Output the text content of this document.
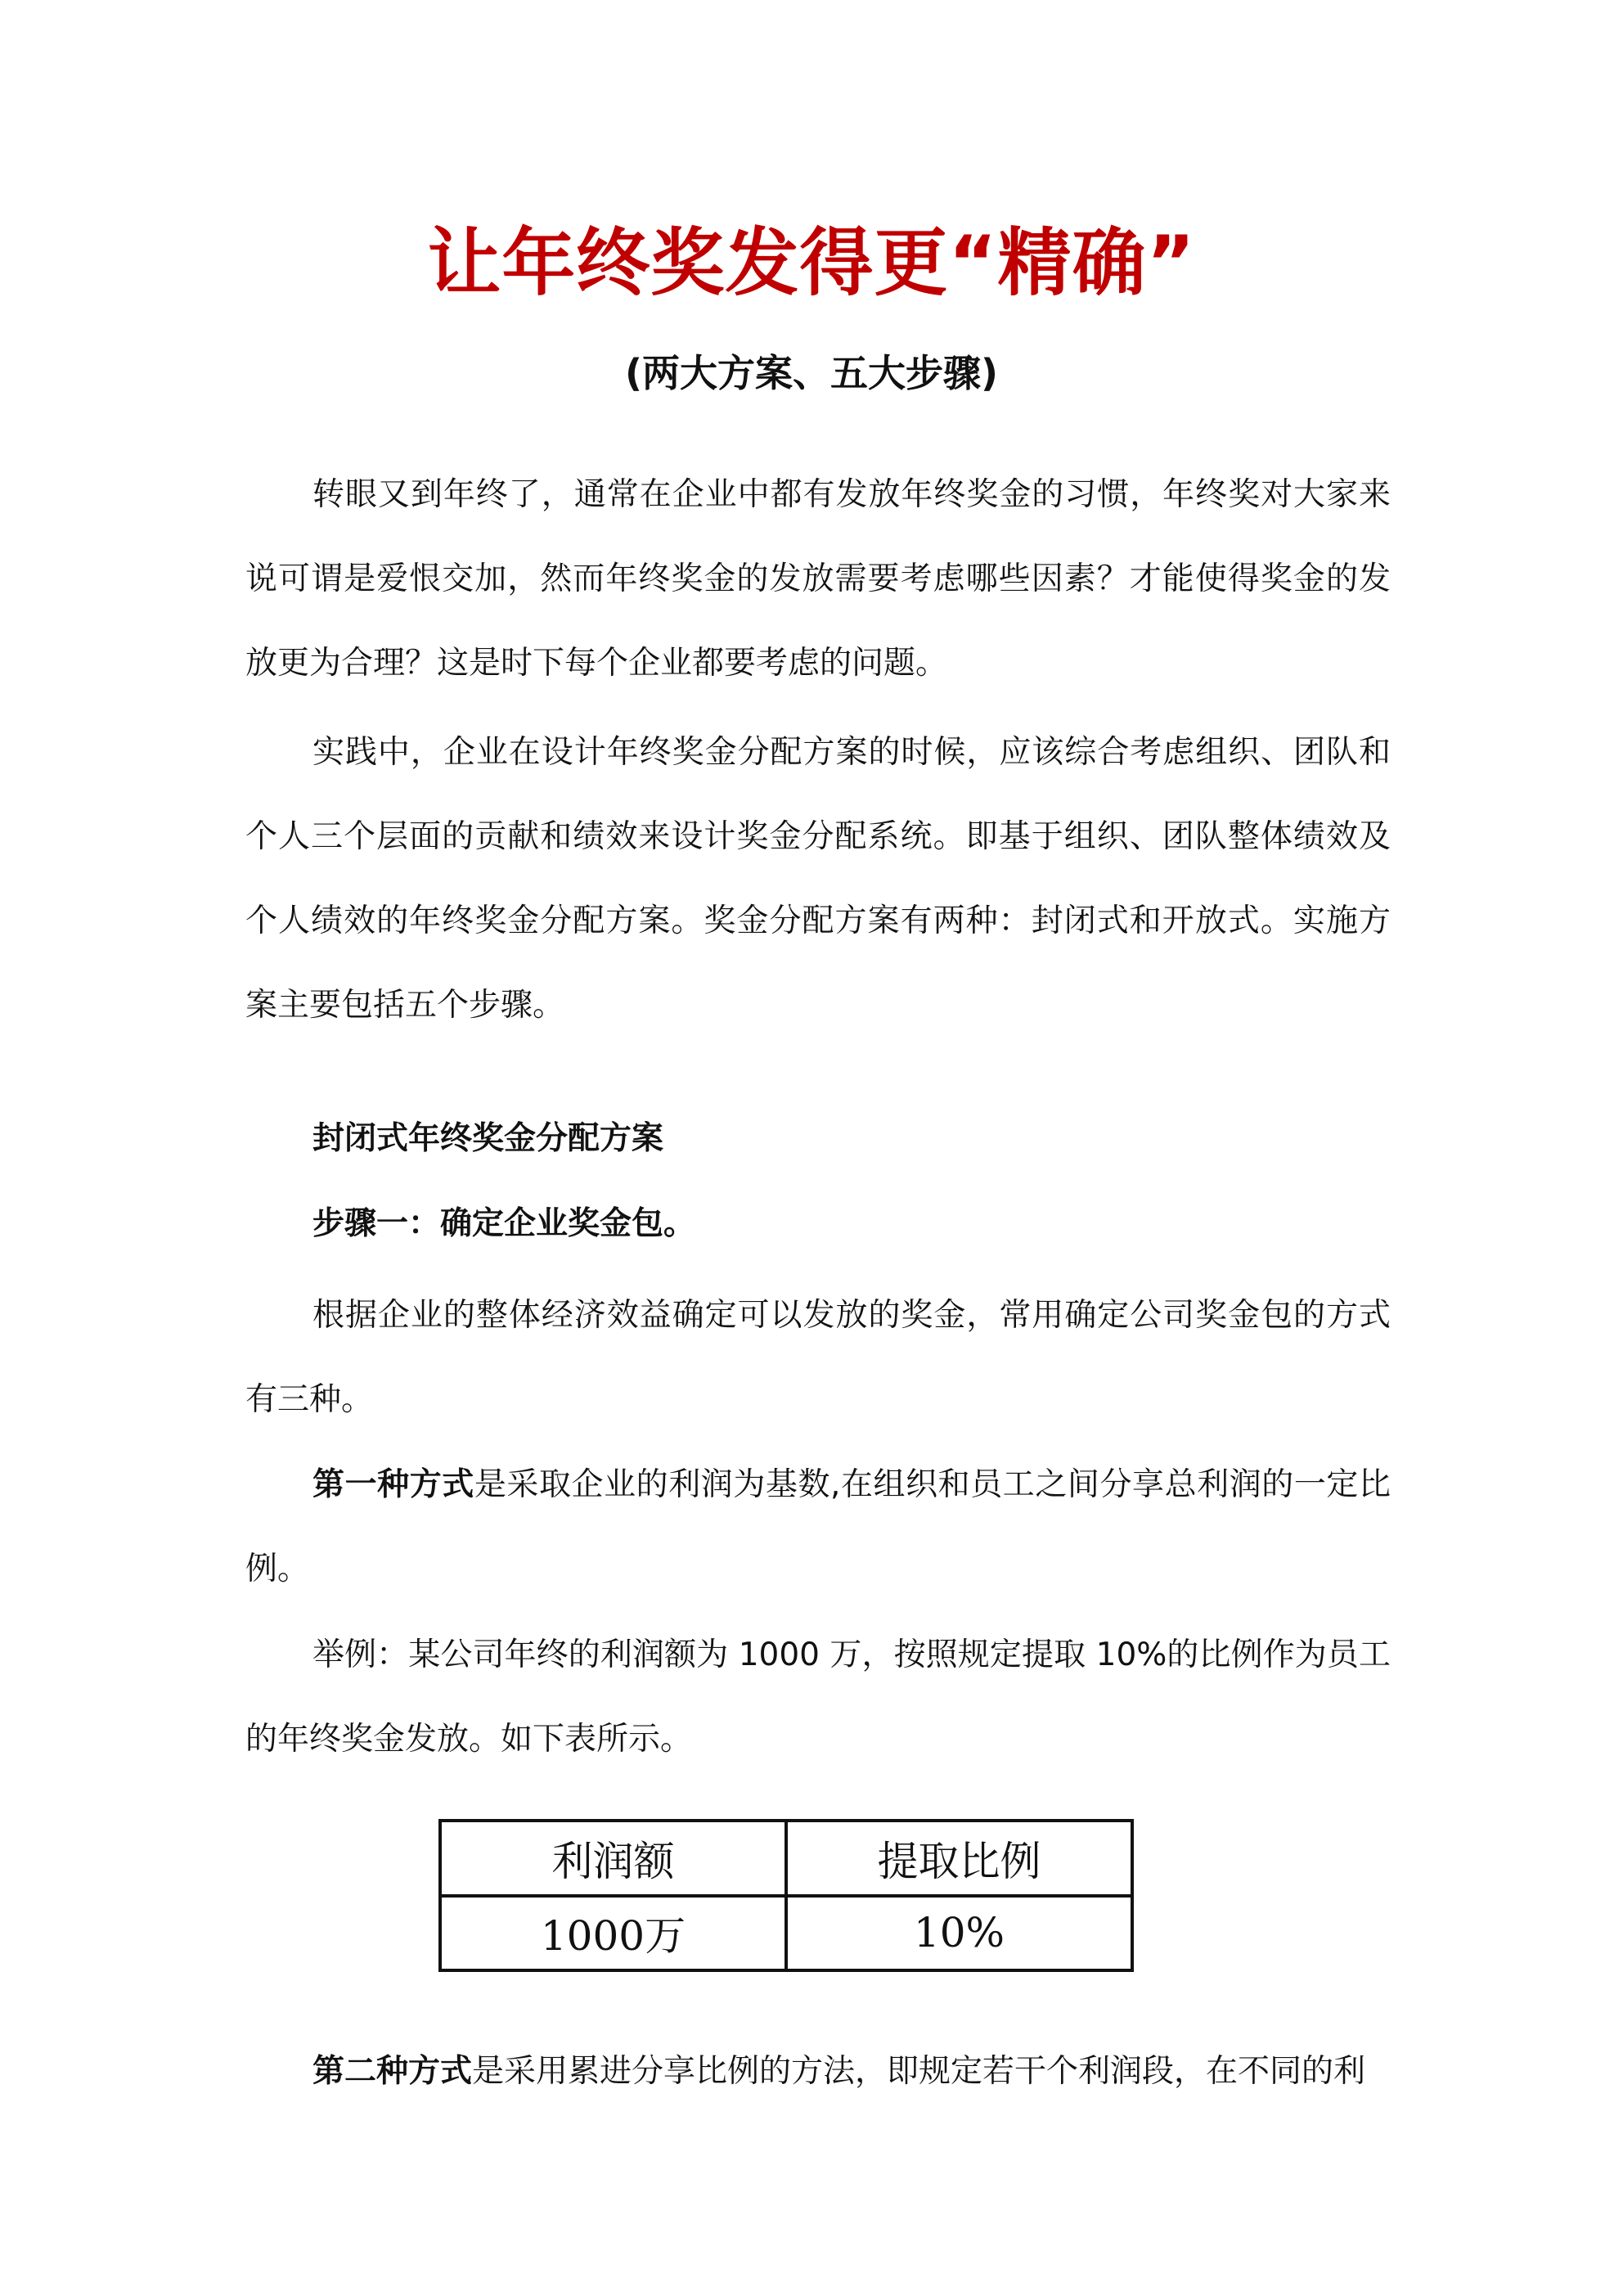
让年终奖发得更“精确”
(两大方案、五大步骤)

转眼又到年终了，通常在企业中都有发放年终奖金的习惯，年终奖对大家来说可谓是爱恨交加，然而年终奖金的发放需要考虑哪些因素？才能使得奖金的发放更为合理？这是时下每个企业都要考虑的问题。

实践中，企业在设计年终奖金分配方案的时候，应该综合考虑组织、团队和个人三个层面的贡献和绩效来设计奖金分配系统。即基于组织、团队整体绩效及个人绩效的年终奖金分配方案。奖金分配方案有两种：封闭式和开放式。实施方案主要包括五个步骤。

封闭式年终奖金分配方案

步骤一：确定企业奖金包。

根据企业的整体经济效益确定可以发放的奖金，常用确定公司奖金包的方式有三种。

第一种方式是采取企业的利润为基数,在组织和员工之间分享总利润的一定比例。

举例：某公司年终的利润额为 1000 万，按照规定提取 10%的比例作为员工的年终奖金发放。如下表所示。

利润额	提取比例
1000万	10%

第二种方式是采用累进分享比例的方法，即规定若干个利润段，在不同的利
